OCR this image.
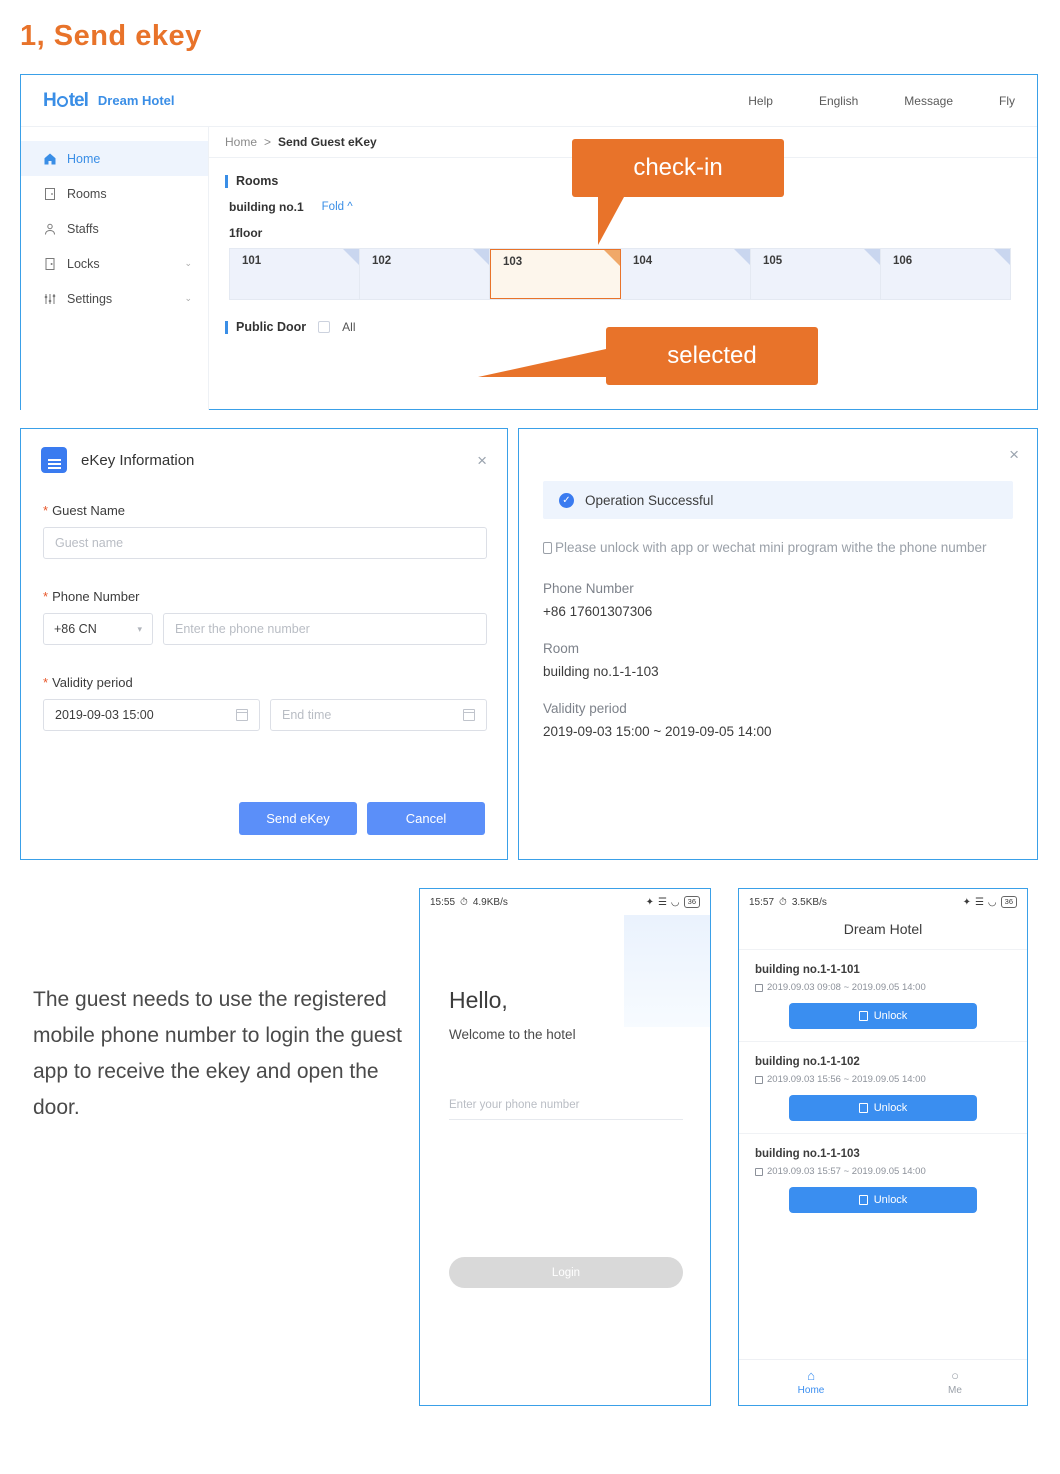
1, Send ekey
H tel Dream Hotel	Help	English	Message	Fly
Home
Rooms
Staffs
Locks	⌄
Settings	⌄
Home > Send Guest eKey
Rooms
building no.1 Fold ^
1floor
101	102	103	104	105	106
Public Door	All
check-in
selected
eKey Information	×
* Guest Name
Guest name
* Phone Number
+86 CN	▾	Enter the phone number
* Validity period
2019-09-03 15:00	End time
Send eKey	Cancel
×
✓ Operation Successful
Please unlock with app or wechat mini program withe the phone number
Phone Number
+86 17601307306
Room
building no.1-1-103
Validity period
2019-09-03 15:00 ~ 2019-09-05 14:00
The guest needs to use the registered mobile phone number to login the guest app to receive the ekey and open the door.
15:55 ⏱ 4.9KB/s	✦ ☰ ◡	36
Hello,
Welcome to the hotel
Enter your phone number
Login
15:57 ⏱ 3.5KB/s	✦ ☰ ◡	36
Dream Hotel
building no.1-1-101
2019.09.03 09:08 ~ 2019.09.05 14:00
Unlock
building no.1-1-102
2019.09.03 15:56 ~ 2019.09.05 14:00
Unlock
building no.1-1-103
2019.09.03 15:57 ~ 2019.09.05 14:00
Unlock
⌂
Home
○
Me
